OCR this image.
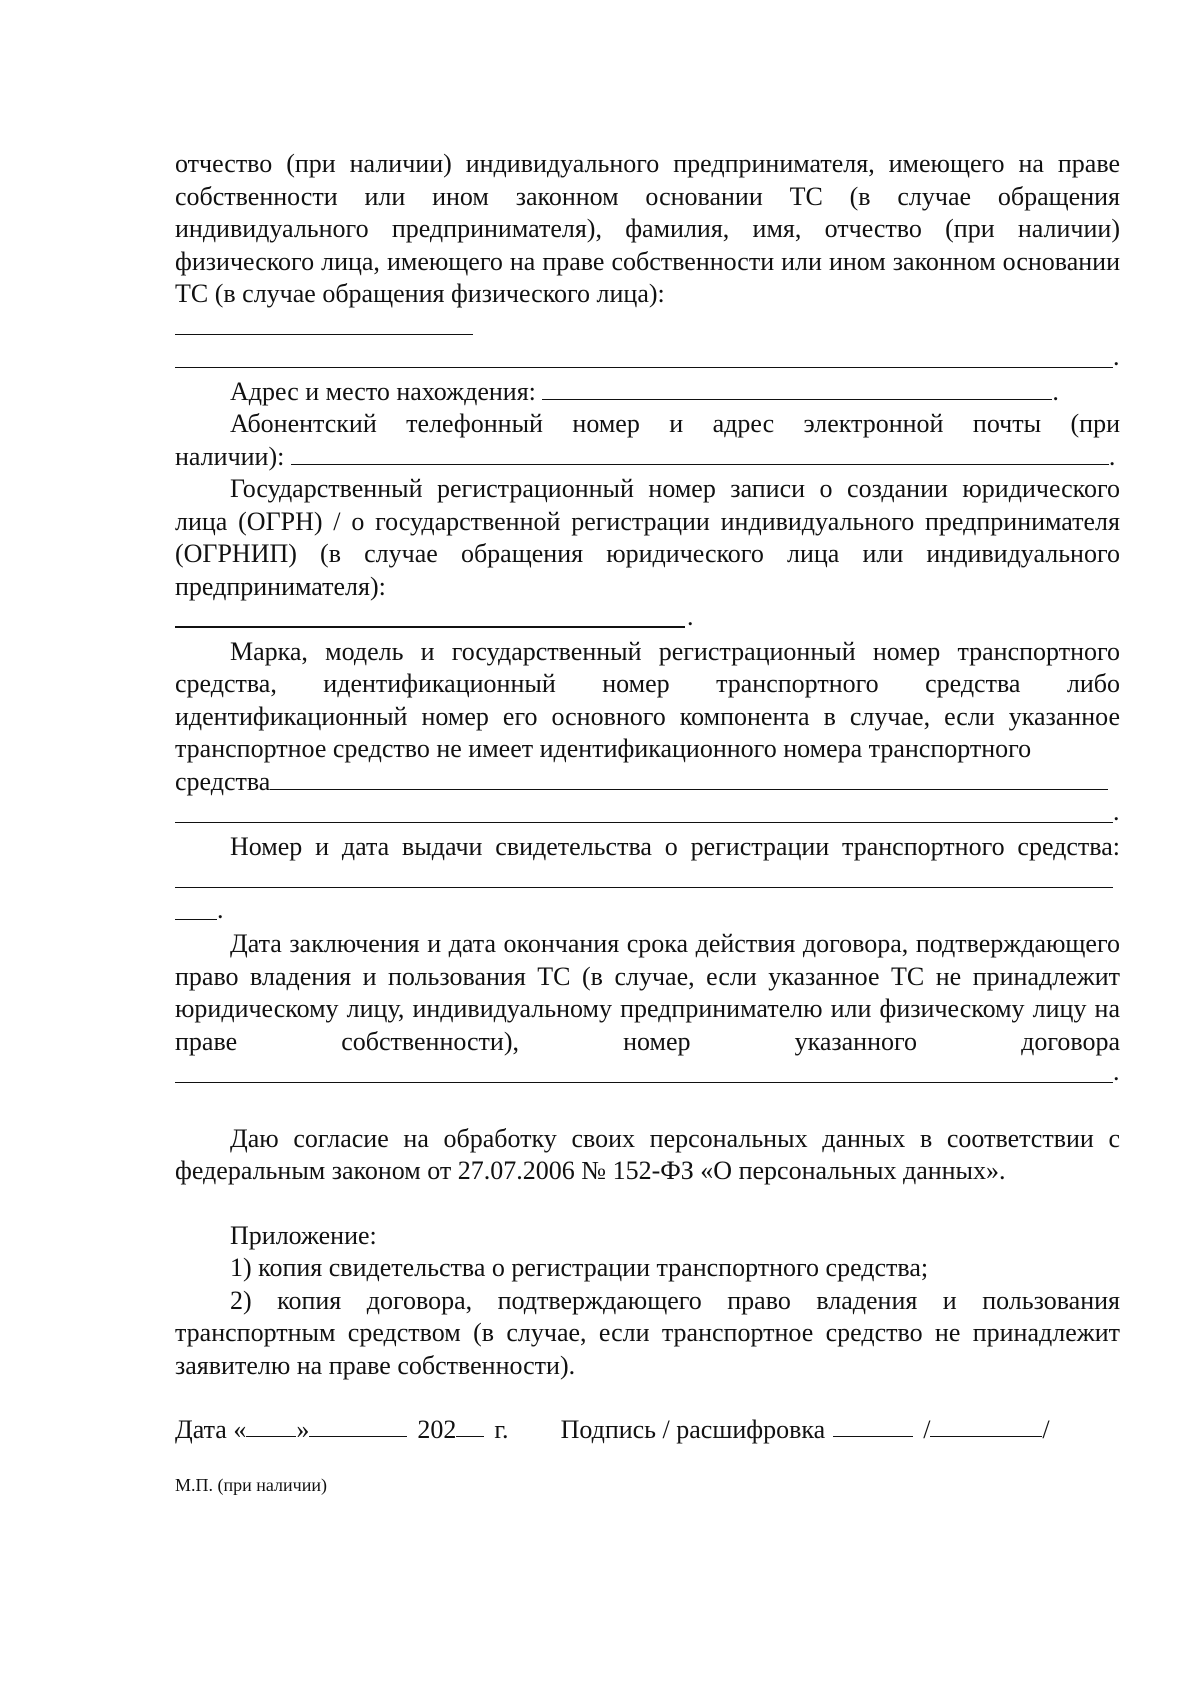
отчество (при наличии) индивидуального предпринимателя, имеющего на праве собственности или ином законном основании ТС (в случае обращения индивидуального предпринимателя), фамилия, имя, отчество (при наличии) физического лица, имеющего на праве собственности или ином законном основании ТС (в случае обращения физического лица):

.

Адрес и место нахождения:	.

Абонентский телефонный номер и адрес электронной почты (при

наличии):	.

Государственный регистрационный номер записи о создании юридического лица (ОГРН) / о государственной регистрации индивидуального предпринимателя (ОГРНИП) (в случае обращения юридического лица или индивидуального предпринимателя):

.

Марка, модель и государственный регистрационный номер транспортного средства, идентификационный номер транспортного средства либо идентификационный номер его основного компонента в случае, если указанное транспортное средство не имеет идентификационного номера транспортного

средства

.

Номер и дата выдачи свидетельства о регистрации транспортного средства:

.

Дата заключения и дата окончания срока действия договора, подтверждающего право владения и пользования ТС (в случае, если указанное ТС не принадлежит юридическому лицу, индивидуальному предпринимателю или физическому лицу на праве собственности), номер указанного договора

.

Даю согласие на обработку своих персональных данных в соответствии с федеральным законом от 27.07.2006 № 152-ФЗ «О персональных данных».

Приложение:

1) копия свидетельства о регистрации транспортного средства;

2) копия договора, подтверждающего право владения и пользования транспортным средством (в случае, если транспортное средство не принадлежит заявителю на праве собственности).

Дата « »	202 г. Подпись / расшифровка	/	/

М.П. (при наличии)
